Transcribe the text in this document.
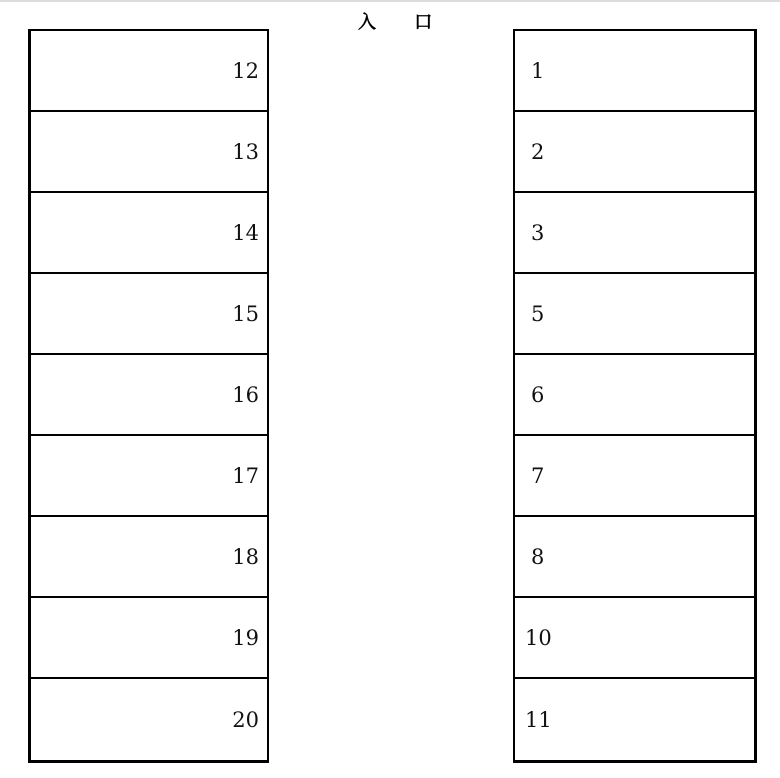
入 口
12
13
14
15
16
17
18
19
20
1
2
3
5
6
7
8
10
11
